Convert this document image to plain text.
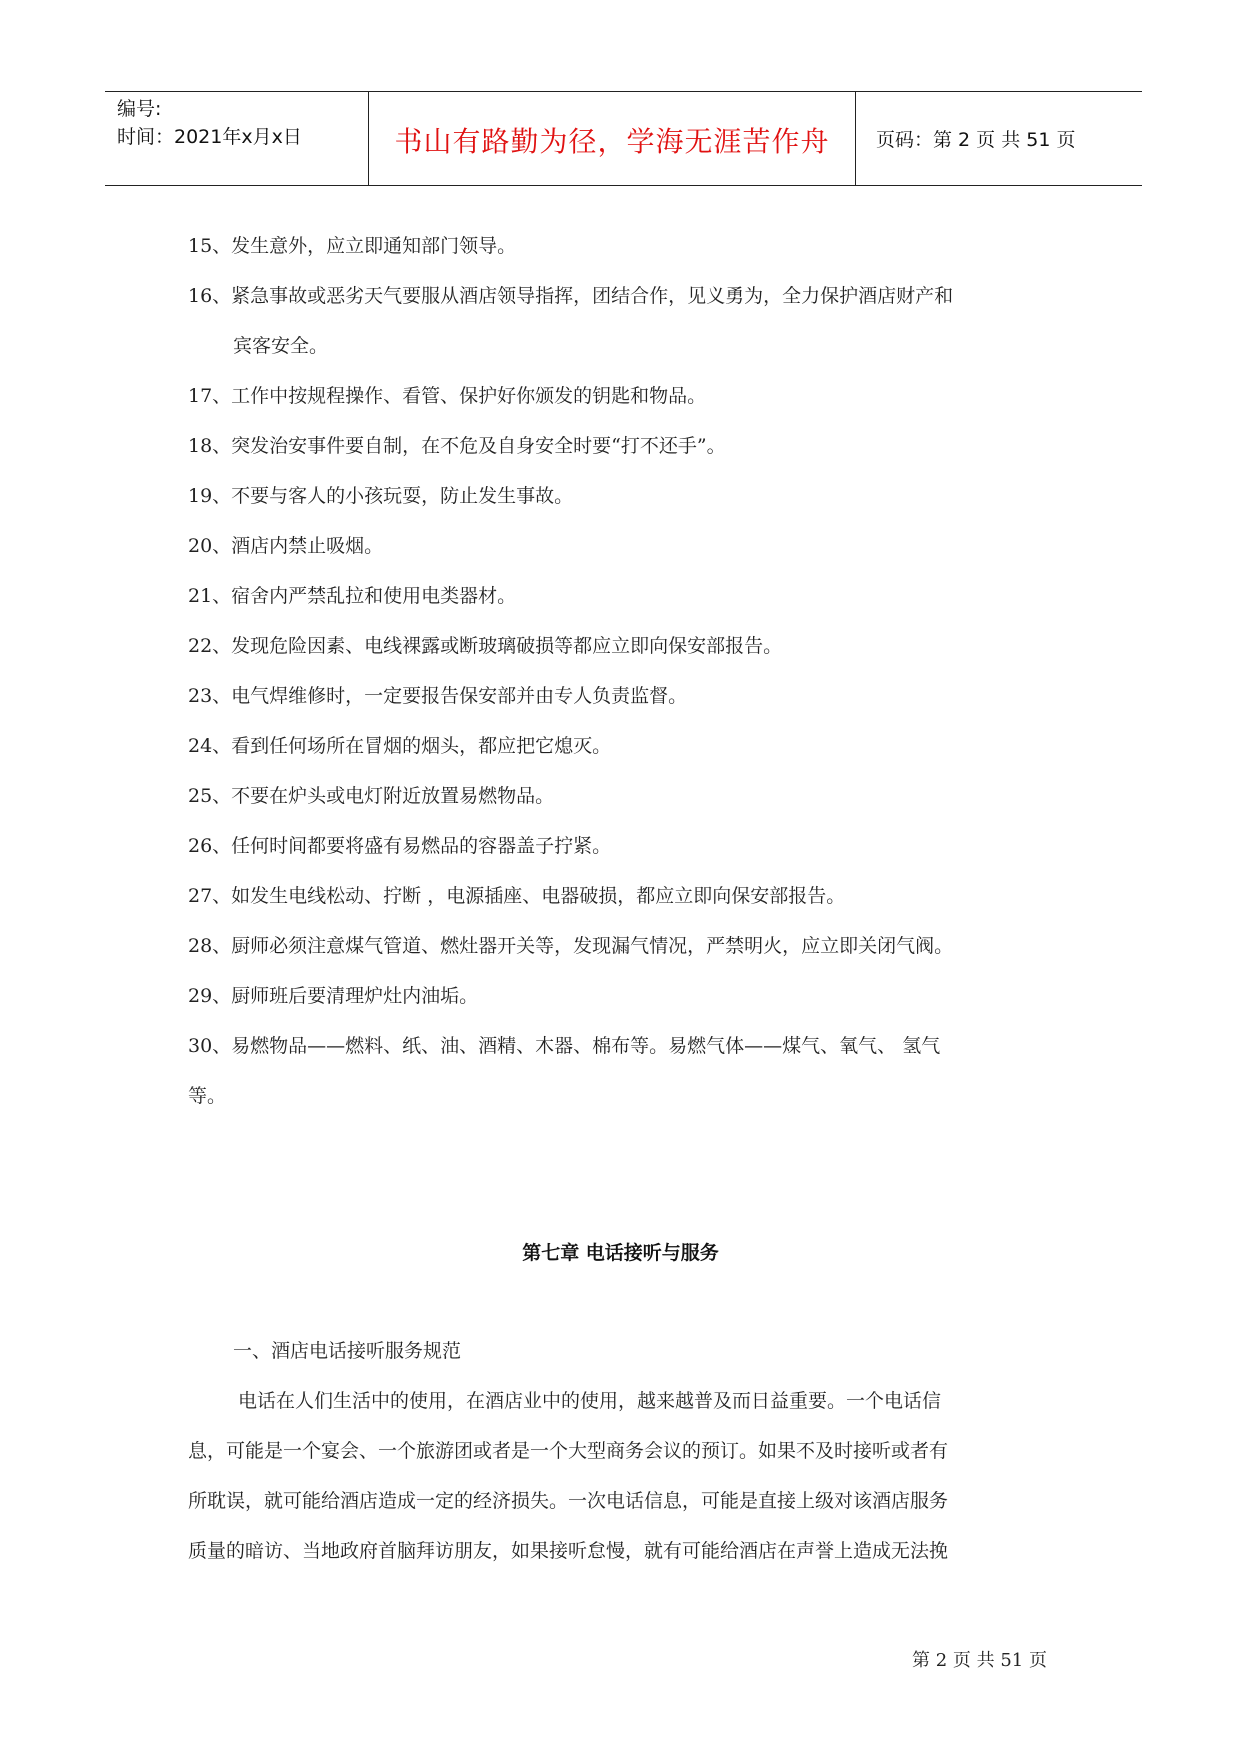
编号:
时间：2021年x月x日	书山有路勤为径，学海无涯苦作舟	页码：第 2 页 共 51 页
15、发生意外，应立即通知部门领导。
16、紧急事故或恶劣天气要服从酒店领导指挥，团结合作，见义勇为，全力保护酒店财产和
宾客安全。
17、工作中按规程操作、看管、保护好你颁发的钥匙和物品。
18、突发治安事件要自制，在不危及自身安全时要“打不还手”。
19、不要与客人的小孩玩耍，防止发生事故。
20、酒店内禁止吸烟。
21、宿舍内严禁乱拉和使用电类器材。
22、发现危险因素、电线裸露或断玻璃破损等都应立即向保安部报告。
23、电气焊维修时，一定要报告保安部并由专人负责监督。
24、看到任何场所在冒烟的烟头，都应把它熄灭。
25、不要在炉头或电灯附近放置易燃物品。
26、任何时间都要将盛有易燃品的容器盖子拧紧。
27、如发生电线松动、拧断 ，电源插座、电器破损，都应立即向保安部报告。
28、厨师必须注意煤气管道、燃灶器开关等，发现漏气情况，严禁明火，应立即关闭气阀。
29、厨师班后要清理炉灶内油垢。
30、易燃物品——燃料、纸、油、酒精、木器、棉布等。易燃气体——煤气、氧气、 氢气
等。
第七章 电话接听与服务
一、酒店电话接听服务规范
电话在人们生活中的使用，在酒店业中的使用，越来越普及而日益重要。一个电话信
息，可能是一个宴会、一个旅游团或者是一个大型商务会议的预订。如果不及时接听或者有
所耽误，就可能给酒店造成一定的经济损失。一次电话信息，可能是直接上级对该酒店服务
质量的暗访、当地政府首脑拜访朋友，如果接听怠慢，就有可能给酒店在声誉上造成无法挽
第 2 页 共 51 页
